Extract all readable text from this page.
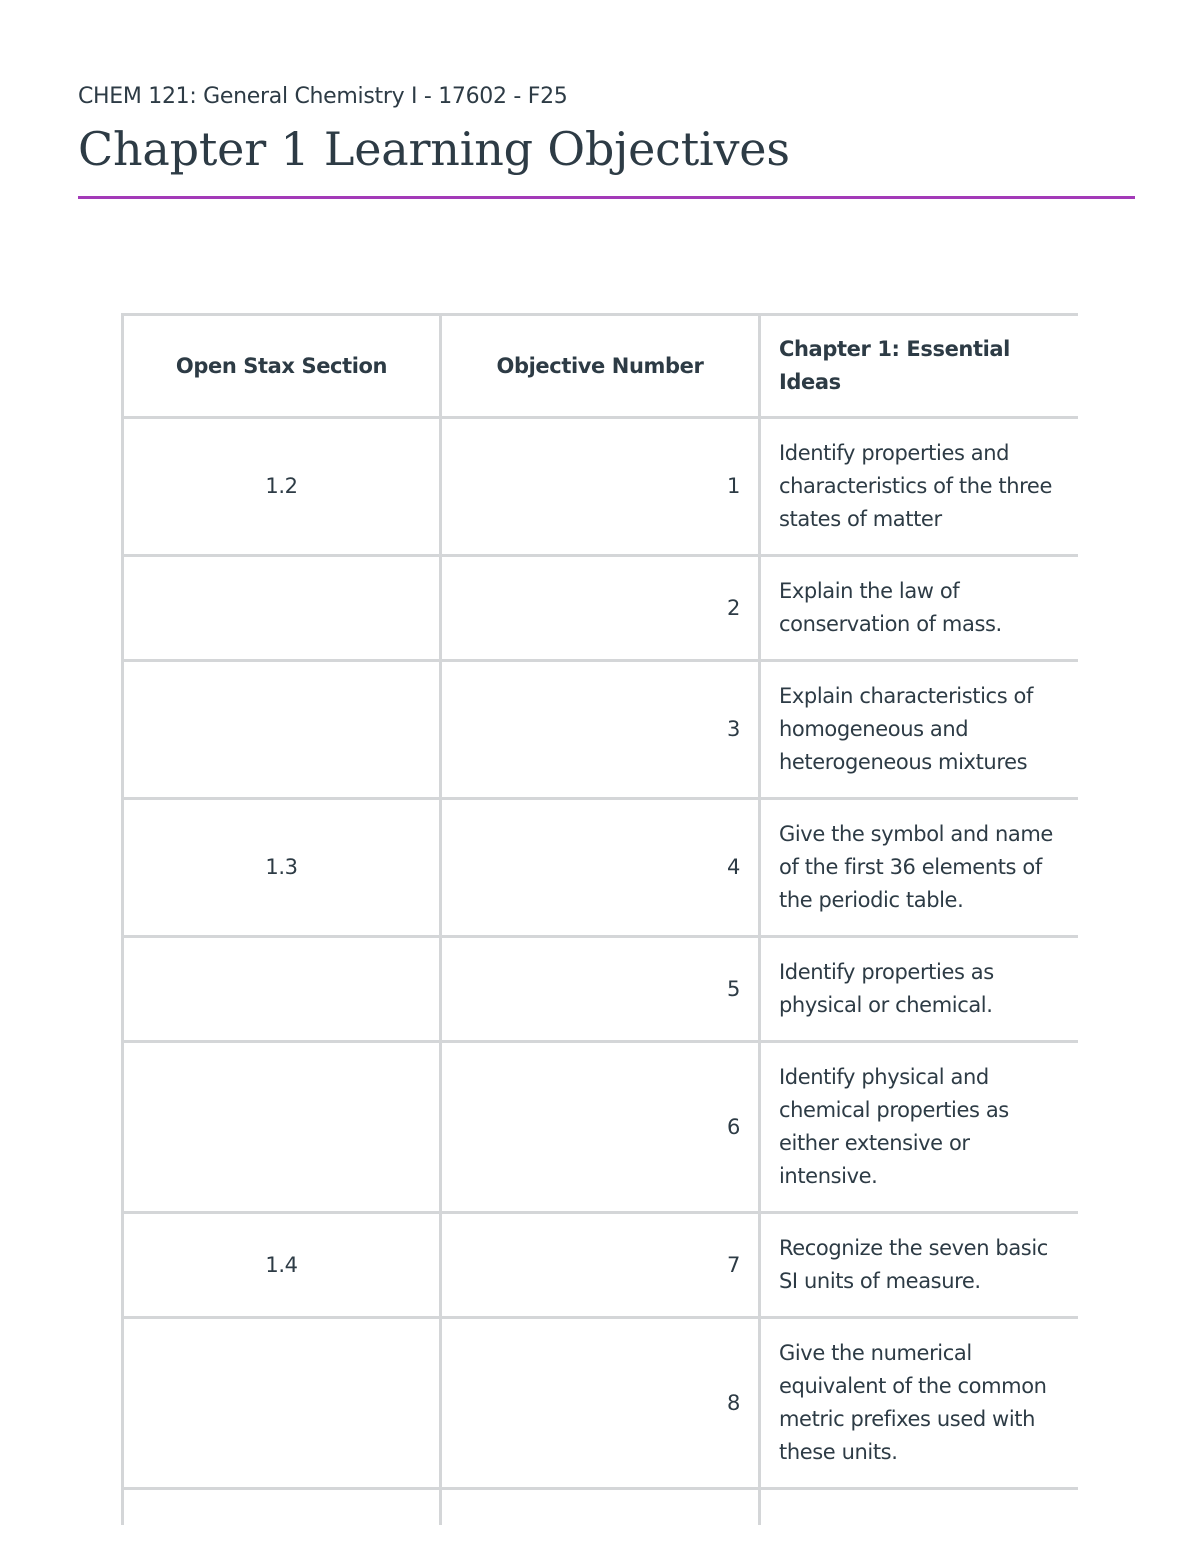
CHEM 121: General Chemistry I - 17602 - F25
Chapter 1 Learning Objectives
Open Stax Section	Objective Number	Chapter 1: Essential Ideas
1.2	1	Identify properties and characteristics of the three states of matter
	2	Explain the law of conservation of mass.
	3	Explain characteristics of homogeneous and heterogeneous mixtures
1.3	4	Give the symbol and name of the first 36 elements of the periodic table.
	5	Identify properties as physical or chemical.
	6	Identify physical and chemical properties as either extensive or intensive.
1.4	7	Recognize the seven basic SI units of measure.
	8	Give the numerical equivalent of the common metric prefixes used with these units.
